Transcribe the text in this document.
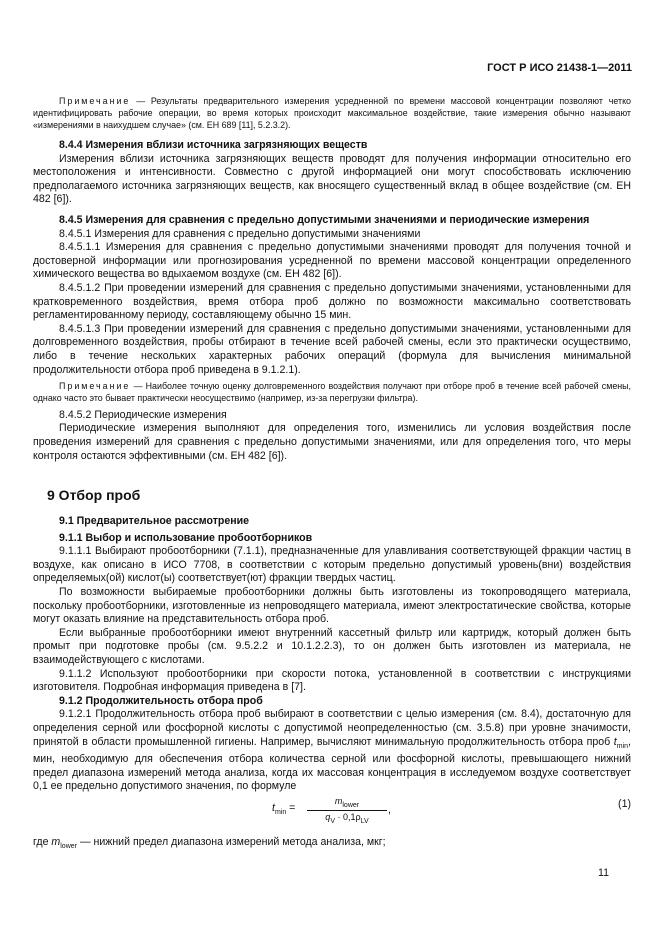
ГОСТ Р ИСО 21438-1—2011

Примечание — Результаты предварительного измерения усредненной по времени массовой концентрации позволяют четко идентифицировать рабочие операции, во время которых происходит максимальное воздействие, такие измерения обычно называют «измерениями в наихудшем случае» (см. ЕН 689 [11], 5.2.3.2).

8.4.4 Измерения вблизи источника загрязняющих веществ

Измерения вблизи источника загрязняющих веществ проводят для получения информации относительно его местоположения и интенсивности. Совместно с другой информацией они могут способствовать исключению предполагаемого источника загрязняющих веществ, как вносящего существенный вклад в общее воздействие (см. ЕН 482 [6]).

8.4.5 Измерения для сравнения с предельно допустимыми значениями и периодические измерения

8.4.5.1 Измерения для сравнения с предельно допустимыми значениями

8.4.5.1.1 Измерения для сравнения с предельно допустимыми значениями проводят для получения точной и достоверной информации или прогнозирования усредненной по времени массовой концентрации определенного химического вещества во вдыхаемом воздухе (см. ЕН 482 [6]).

8.4.5.1.2 При проведении измерений для сравнения с предельно допустимыми значениями, установленными для кратковременного воздействия, время отбора проб должно по возможности максимально соответствовать регламентированному периоду, составляющему обычно 15 мин.

8.4.5.1.3 При проведении измерений для сравнения с предельно допустимыми значениями, установленными для долговременного воздействия, пробы отбирают в течение всей рабочей смены, если это практически осуществимо, либо в течение нескольких характерных рабочих операций (формула для вычисления минимальной продолжительности отбора проб приведена в 9.1.2.1).

Примечание — Наиболее точную оценку долговременного воздействия получают при отборе проб в течение всей рабочей смены, однако часто это бывает практически неосуществимо (например, из-за перегрузки фильтра).

8.4.5.2 Периодические измерения

Периодические измерения выполняют для определения того, изменились ли условия воздействия после проведения измерений для сравнения с предельно допустимыми значениями, или для определения того, что меры контроля остаются эффективными (см. ЕН 482 [6]).

9 Отбор проб

9.1 Предварительное рассмотрение

9.1.1 Выбор и использование пробоотборников

9.1.1.1 Выбирают пробоотборники (7.1.1), предназначенные для улавливания соответствующей фракции частиц в воздухе, как описано в ИСО 7708, в соответствии с которым предельно допустимый уровень(вни) воздействия определяемых(ой) кислот(ы) соответствует(ют) фракции твердых частиц.

По возможности выбираемые пробоотборники должны быть изготовлены из токопроводящего материала, поскольку пробоотборники, изготовленные из непроводящего материала, имеют электростатические свойства, которые могут оказать влияние на представительность отбора проб.

Если выбранные пробоотборники имеют внутренний кассетный фильтр или картридж, который должен быть промыт при подготовке пробы (см. 9.5.2.2 и 10.1.2.2.3), то он должен быть изготовлен из материала, не взаимодействующего с кислотами.

9.1.1.2 Используют пробоотборники при скорости потока, установленной в соответствии с инструкциями изготовителя. Подробная информация приведена в [7].

9.1.2 Продолжительность отбора проб

9.1.2.1 Продолжительность отбора проб выбирают в соответствии с целью измерения (см. 8.4), достаточную для определения серной или фосфорной кислоты с допустимой неопределенностью (см. 3.5.8) при уровне значимости, принятой в области промышленной гигиены. Например, вычисляют минимальную продолжительность отбора проб $t_{min}$, мин, необходимую для обеспечения отбора количества серной или фосфорной кислоты, превышающего нижний предел диапазона измерений метода анализа, когда их массовая концентрация в исследуемом воздухе соответствует 0,1 ее предельно допустимого значения, по формуле

$t_{min}$ =
$m_{lower}$
$q_V \cdot 0,1\rho_{LV}$
,	(1)

где $m_{lower}$ — нижний предел диапазона измерений метода анализа, мкг;

11
